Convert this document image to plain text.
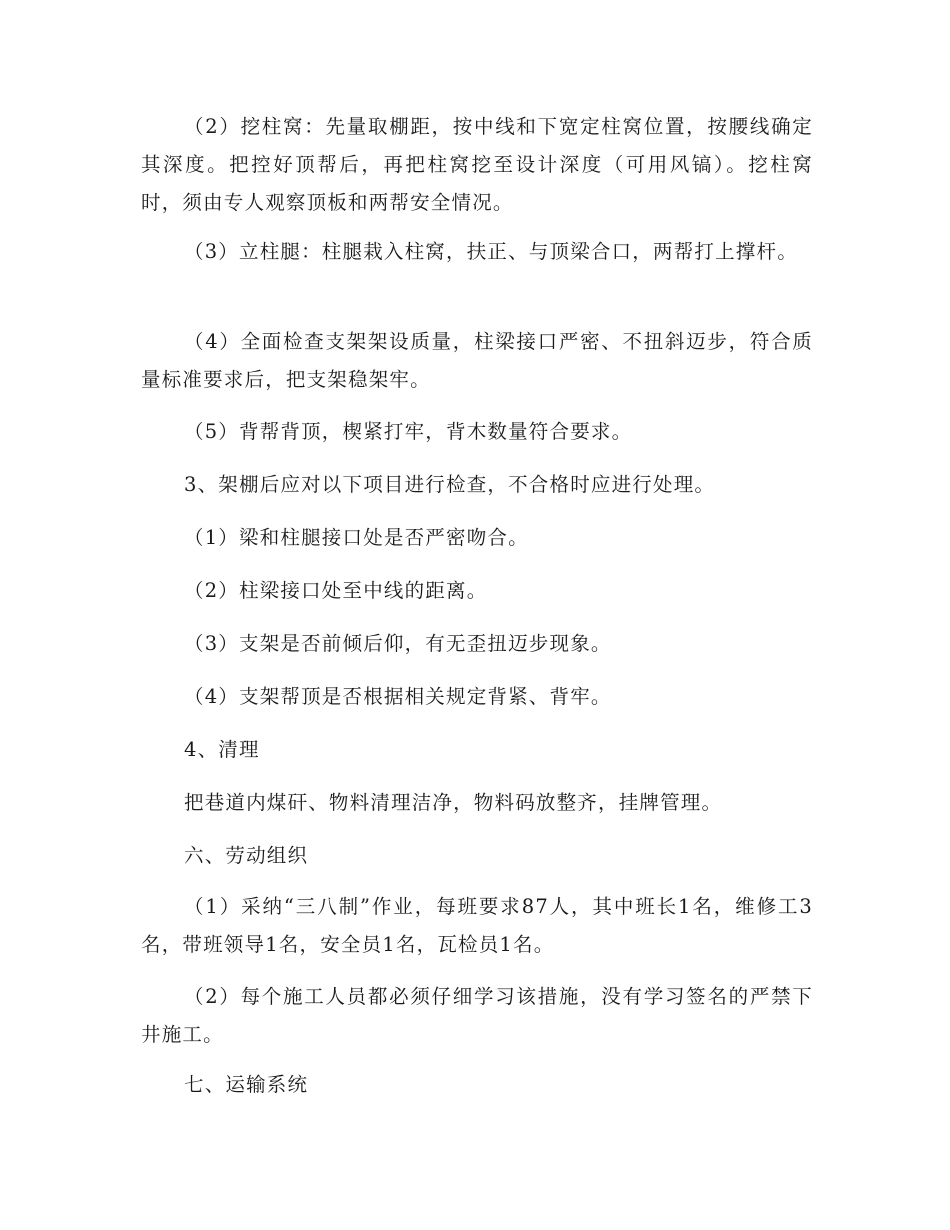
（2）挖柱窝：先量取棚距，按中线和下宽定柱窝位置，按腰线确定其深度。把控好顶帮后，再把柱窝挖至设计深度（可用风镐）。挖柱窝时，须由专人观察顶板和两帮安全情况。

（3）立柱腿：柱腿栽入柱窝，扶正、与顶梁合口，两帮打上撑杆。

（4）全面检查支架架设质量，柱梁接口严密、不扭斜迈步，符合质量标准要求后，把支架稳架牢。

（5）背帮背顶，楔紧打牢，背木数量符合要求。

3、架棚后应对以下项目进行检查，不合格时应进行处理。

（1）梁和柱腿接口处是否严密吻合。

（2）柱梁接口处至中线的距离。

（3）支架是否前倾后仰，有无歪扭迈步现象。

（4）支架帮顶是否根据相关规定背紧、背牢。

4、清理

把巷道内煤矸、物料清理洁净，物料码放整齐，挂牌管理。

六、劳动组织

（1）采纳“三八制”作业，每班要求87人，其中班长1名，维修工3名，带班领导1名，安全员1名，瓦检员1名。

（2）每个施工人员都必须仔细学习该措施，没有学习签名的严禁下井施工。

七、运输系统
